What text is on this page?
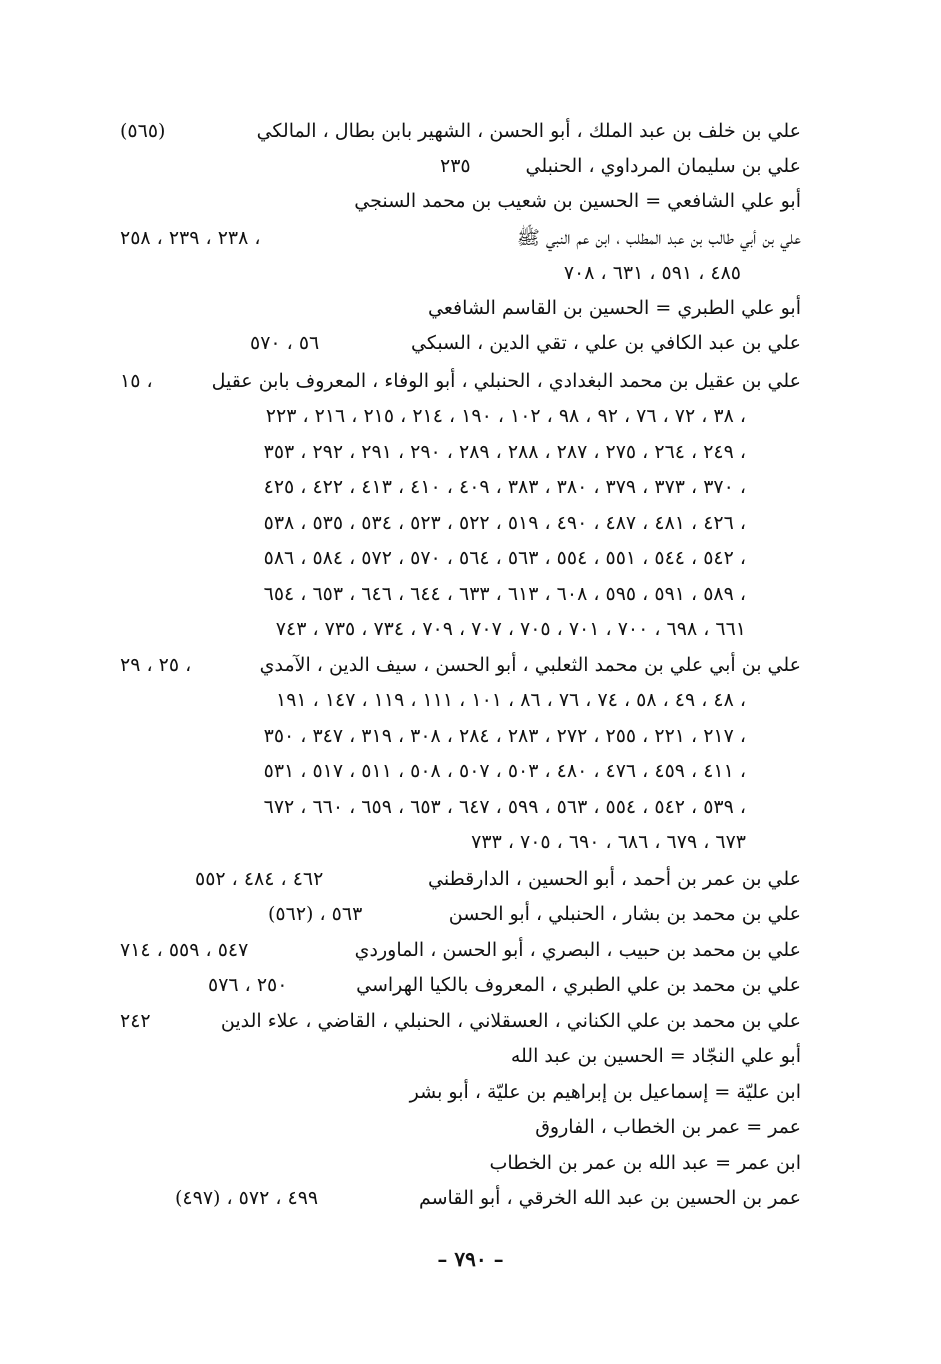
علي بن خلف بن عبد الملك ، أبو الحسن ، الشهير بابن بطال ، المالكي
(٥٦٥)
علي بن سليمان المرداوي ، الحنبلي
٢٣٥
أبو علي الشافعي = الحسين بن شعيب بن محمد السنجي
علي بن أبي طالب بن عبد المطلب ، ابن عم النبي ﷺ
٢٣٨ ، ٢٣٩ ، ٢٥٨ ،
٤٨٥ ، ٥٩١ ، ٦٣١ ، ٧٠٨
أبو علي الطبري = الحسين بن القاسم الشافعي
علي بن عبد الكافي بن علي ، تقي الدين ، السبكي
٥٦ ، ٥٧٠
علي بن عقيل بن محمد البغدادي ، الحنبلي ، أبو الوفاء ، المعروف بابن عقيل
١٥ ،
٣٨ ، ٧٢ ، ٧٦ ، ٩٢ ، ٩٨ ، ١٠٢ ، ١٩٠ ، ٢١٤ ، ٢١٥ ، ٢١٦ ، ٢٢٣ ،
٢٤٩ ، ٢٦٤ ، ٢٧٥ ، ٢٨٧ ، ٢٨٨ ، ٢٨٩ ، ٢٩٠ ، ٢٩١ ، ٢٩٢ ، ٣٥٣ ،
٣٧٠ ، ٣٧٣ ، ٣٧٩ ، ٣٨٠ ، ٣٨٣ ، ٤٠٩ ، ٤١٠ ، ٤١٣ ، ٤٢٢ ، ٤٢٥ ،
٤٢٦ ، ٤٨١ ، ٤٨٧ ، ٤٩٠ ، ٥١٩ ، ٥٢٢ ، ٥٢٣ ، ٥٣٤ ، ٥٣٥ ، ٥٣٨ ،
٥٤٢ ، ٥٤٤ ، ٥٥١ ، ٥٥٤ ، ٥٦٣ ، ٥٦٤ ، ٥٧٠ ، ٥٧٢ ، ٥٨٤ ، ٥٨٦ ،
٥٨٩ ، ٥٩١ ، ٥٩٥ ، ٦٠٨ ، ٦١٣ ، ٦٣٣ ، ٦٤٤ ، ٦٤٦ ، ٦٥٣ ، ٦٥٤ ،
٦٦١ ، ٦٩٨ ، ٧٠٠ ، ٧٠١ ، ٧٠٥ ، ٧٠٧ ، ٧٠٩ ، ٧٣٤ ، ٧٣٥ ، ٧٤٣
علي بن أبي علي بن محمد الثعلبي ، أبو الحسن ، سيف الدين ، الآمدي
٢٥ ، ٢٩ ،
٤٨ ، ٤٩ ، ٥٨ ، ٧٤ ، ٧٦ ، ٨٦ ، ١٠١ ، ١١١ ، ١١٩ ، ١٤٧ ، ١٩١ ،
٢١٧ ، ٢٢١ ، ٢٥٥ ، ٢٧٢ ، ٢٨٣ ، ٢٨٤ ، ٣٠٨ ، ٣١٩ ، ٣٤٧ ، ٣٥٠ ،
٤١١ ، ٤٥٩ ، ٤٧٦ ، ٤٨٠ ، ٥٠٣ ، ٥٠٧ ، ٥٠٨ ، ٥١١ ، ٥١٧ ، ٥٣١ ،
٥٣٩ ، ٥٤٢ ، ٥٥٤ ، ٥٦٣ ، ٥٩٩ ، ٦٤٧ ، ٦٥٣ ، ٦٥٩ ، ٦٦٠ ، ٦٧٢ ،
٦٧٣ ، ٦٧٩ ، ٦٨٦ ، ٦٩٠ ، ٧٠٥ ، ٧٣٣
علي بن عمر بن أحمد ، أبو الحسين ، الدارقطني
٤٦٢ ، ٤٨٤ ، ٥٥٢
علي بن محمد بن بشار ، الحنبلي ، أبو الحسن
(٥٦٢) ، ٥٦٣
علي بن محمد بن حبيب ، البصري ، أبو الحسن ، الماوردي
٥٤٧ ، ٥٥٩ ، ٧١٤
علي بن محمد بن علي الطبري ، المعروف بالكيا الهراسي
٢٥٠ ، ٥٧٦
علي بن محمد بن علي الكناني ، العسقلاني ، الحنبلي ، القاضي ، علاء الدين
٢٤٢
أبو علي النجّاد = الحسين بن عبد الله
ابن عليّة = إسماعيل بن إبراهيم بن عليّة ، أبو بشر
عمر = عمر بن الخطاب ، الفاروق
ابن عمر = عبد الله بن عمر بن الخطاب
عمر بن الحسين بن عبد الله الخرقي ، أبو القاسم
(٤٩٧) ، ٤٩٩ ، ٥٧٢
– ٧٩٠ –
